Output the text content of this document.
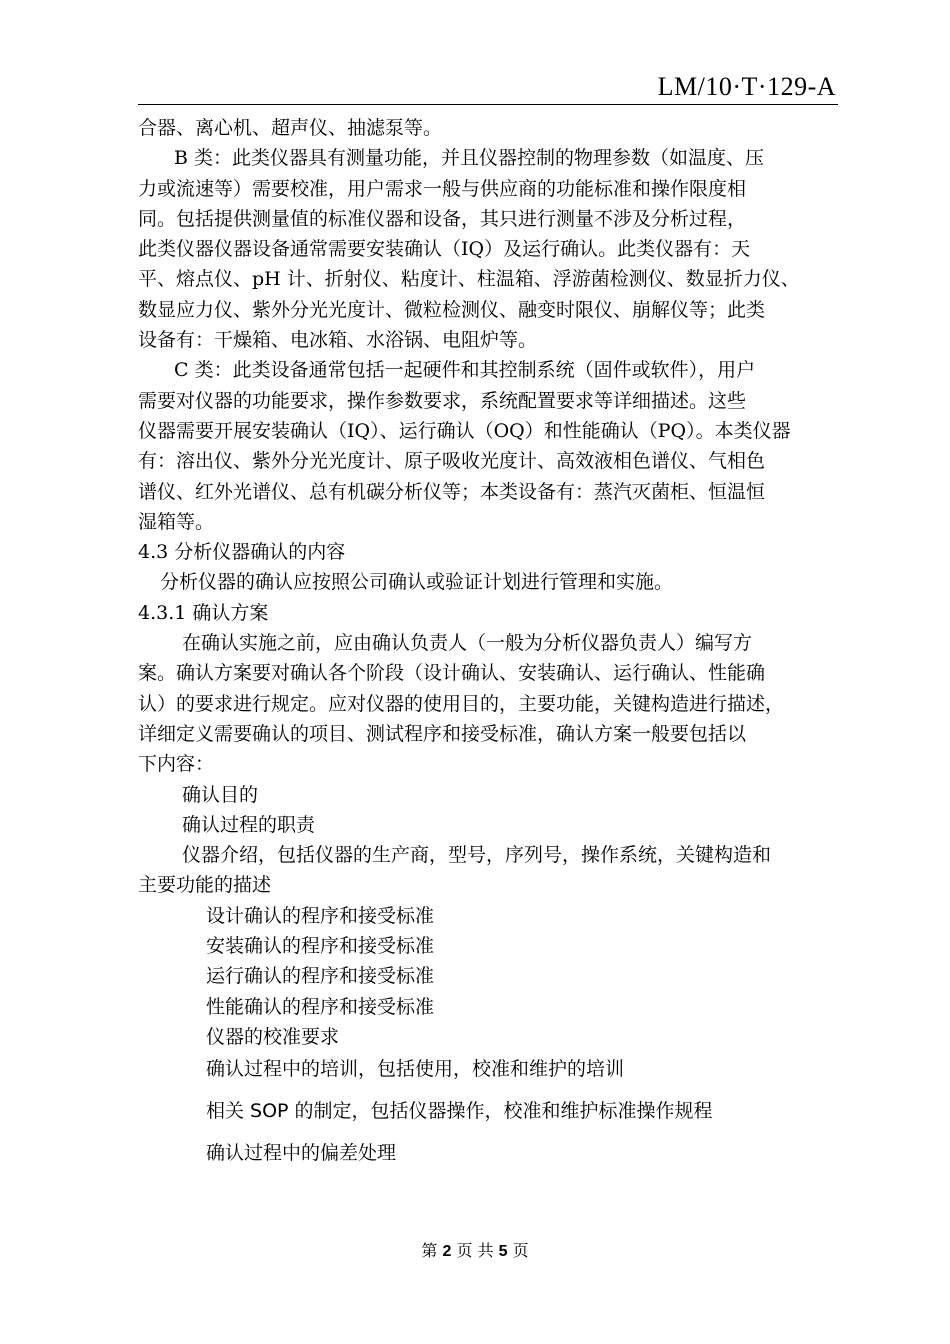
LM/10·T·129-A
合器、离心机、超声仪、抽滤泵等。
B 类：此类仪器具有测量功能，并且仪器控制的物理参数（如温度、压
力或流速等）需要校准，用户需求一般与供应商的功能标准和操作限度相
同。包括提供测量值的标准仪器和设备，其只进行测量不涉及分析过程，
此类仪器仪器设备通常需要安装确认（IQ）及运行确认。此类仪器有：天
平、熔点仪、pH 计、折射仪、粘度计、柱温箱、浮游菌检测仪、数显折力仪、
数显应力仪、紫外分光光度计、微粒检测仪、融变时限仪、崩解仪等；此类
设备有：干燥箱、电冰箱、水浴锅、电阻炉等。
C 类：此类设备通常包括一起硬件和其控制系统（固件或软件），用户
需要对仪器的功能要求，操作参数要求，系统配置要求等详细描述。这些
仪器需要开展安装确认（IQ）、运行确认（OQ）和性能确认（PQ）。本类仪器
有：溶出仪、紫外分光光度计、原子吸收光度计、高效液相色谱仪、气相色
谱仪、红外光谱仪、总有机碳分析仪等；本类设备有：蒸汽灭菌柜、恒温恒
湿箱等。
4.3 分析仪器确认的内容
分析仪器的确认应按照公司确认或验证计划进行管理和实施。
4.3.1 确认方案
在确认实施之前，应由确认负责人（一般为分析仪器负责人）编写方
案。确认方案要对确认各个阶段（设计确认、安装确认、运行确认、性能确
认）的要求进行规定。应对仪器的使用目的，主要功能，关键构造进行描述，
详细定义需要确认的项目、测试程序和接受标准，确认方案一般要包括以
下内容：
确认目的
确认过程的职责
仪器介绍，包括仪器的生产商，型号，序列号，操作系统，关键构造和
主要功能的描述
设计确认的程序和接受标准
安装确认的程序和接受标准
运行确认的程序和接受标准
性能确认的程序和接受标准
仪器的校准要求
确认过程中的培训，包括使用，校准和维护的培训
相关 SOP 的制定，包括仪器操作，校准和维护标准操作规程
确认过程中的偏差处理
第 2 页 共 5 页
